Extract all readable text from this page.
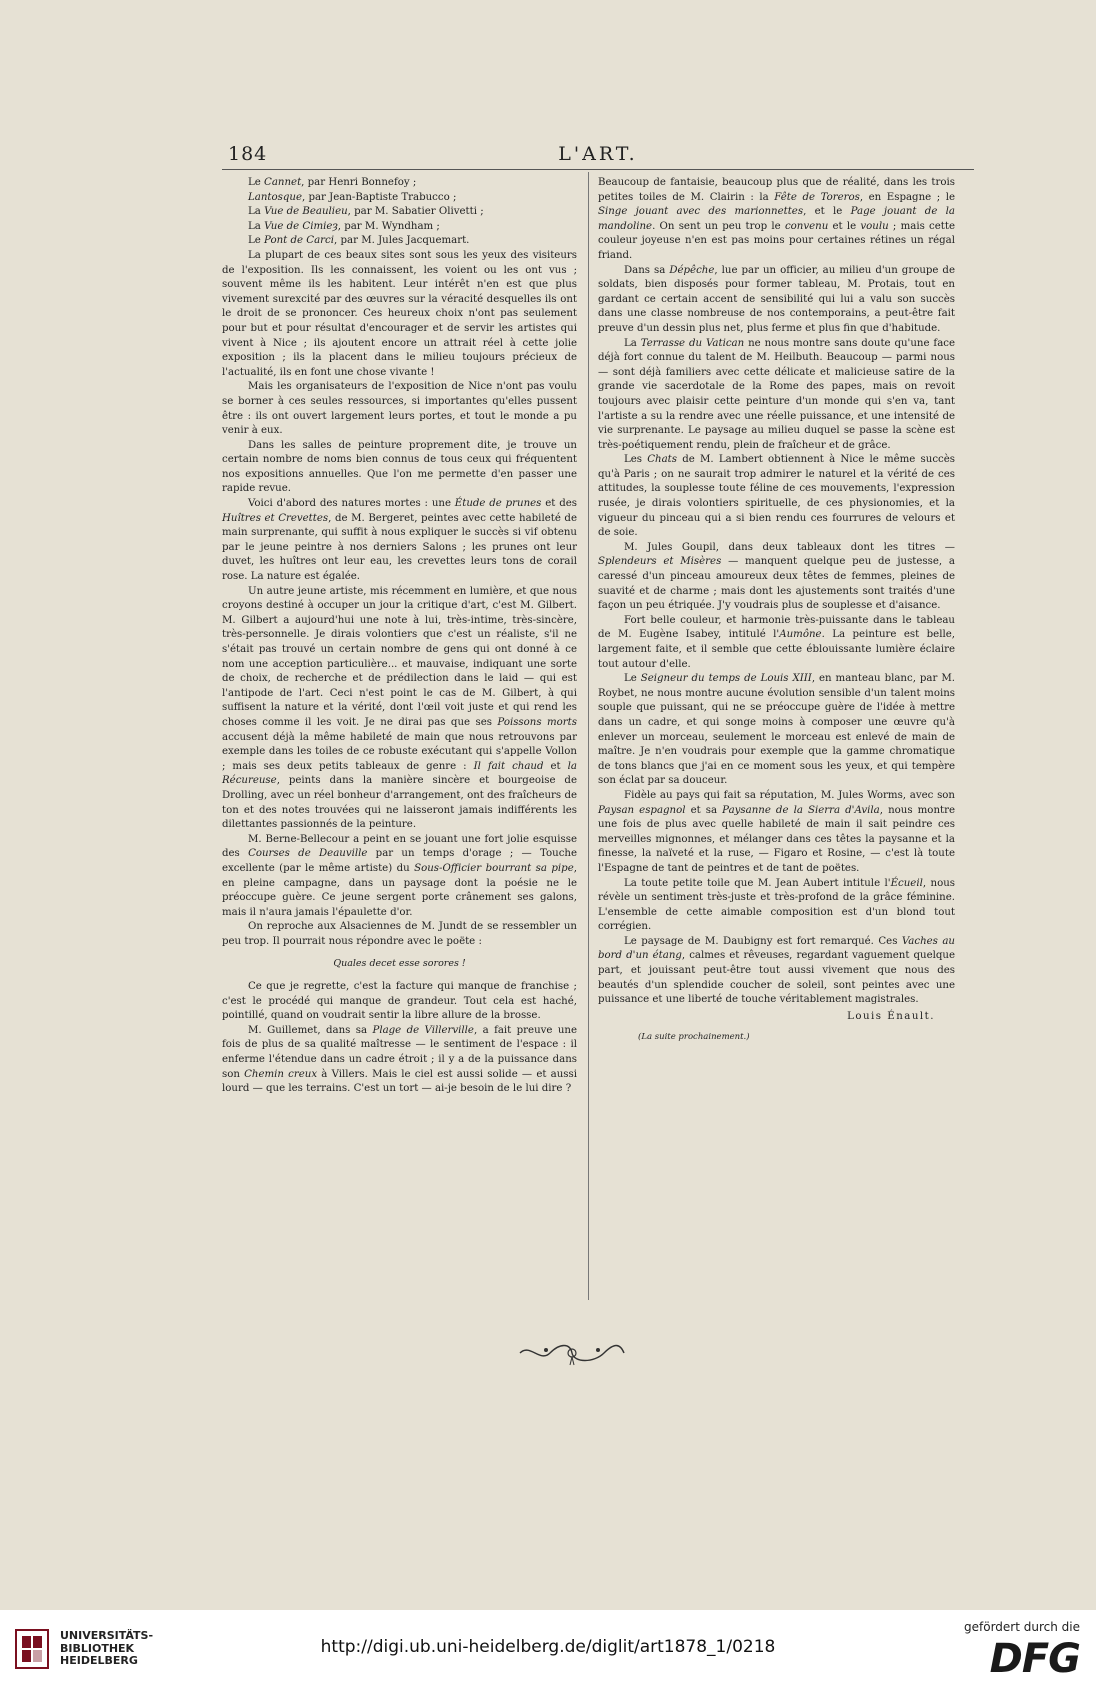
184	L'ART.

Le Cannet, par Henri Bonnefoy ;

Lantosque, par Jean-Baptiste Trabucco ;

La Vue de Beaulieu, par M. Sabatier Olivetti ;

La Vue de Cimieȝ, par M. Wyndham ;

Le Pont de Carci, par M. Jules Jacquemart.

La plupart de ces beaux sites sont sous les yeux des visiteurs de l'exposition. Ils les connaissent, les voient ou les ont vus ; souvent même ils les habitent. Leur intérêt n'en est que plus vivement surexcité par des œuvres sur la véracité desquelles ils ont le droit de se prononcer. Ces heureux choix n'ont pas seulement pour but et pour résultat d'encourager et de servir les artistes qui vivent à Nice ; ils ajoutent encore un attrait réel à cette jolie exposition ; ils la placent dans le milieu toujours précieux de l'actualité, ils en font une chose vivante !

Mais les organisateurs de l'exposition de Nice n'ont pas voulu se borner à ces seules ressources, si importantes qu'elles pussent être : ils ont ouvert largement leurs portes, et tout le monde a pu venir à eux.

Dans les salles de peinture proprement dite, je trouve un certain nombre de noms bien connus de tous ceux qui fréquentent nos expositions annuelles. Que l'on me permette d'en passer une rapide revue.

Voici d'abord des natures mortes : une Étude de prunes et des Huîtres et Crevettes, de M. Bergeret, peintes avec cette habileté de main surprenante, qui suffit à nous expliquer le succès si vif obtenu par le jeune peintre à nos derniers Salons ; les prunes ont leur duvet, les huîtres ont leur eau, les crevettes leurs tons de corail rose. La nature est égalée.

Un autre jeune artiste, mis récemment en lumière, et que nous croyons destiné à occuper un jour la critique d'art, c'est M. Gilbert. M. Gilbert a aujourd'hui une note à lui, très-intime, très-sincère, très-personnelle. Je dirais volontiers que c'est un réaliste, s'il ne s'était pas trouvé un certain nombre de gens qui ont donné à ce nom une acception particulière... et mauvaise, indiquant une sorte de choix, de recherche et de prédilection dans le laid — qui est l'antipode de l'art. Ceci n'est point le cas de M. Gilbert, à qui suffisent la nature et la vérité, dont l'œil voit juste et qui rend les choses comme il les voit. Je ne dirai pas que ses Poissons morts accusent déjà la même habileté de main que nous retrouvons par exemple dans les toiles de ce robuste exécutant qui s'appelle Vollon ; mais ses deux petits tableaux de genre : Il fait chaud et la Récureuse, peints dans la manière sincère et bourgeoise de Drolling, avec un réel bonheur d'arrangement, ont des fraîcheurs de ton et des notes trouvées qui ne laisseront jamais indifférents les dilettantes passionnés de la peinture.

M. Berne-Bellecour a peint en se jouant une fort jolie esquisse des Courses de Deauville par un temps d'orage ; — Touche excellente (par le même artiste) du Sous-Officier bourrant sa pipe, en pleine campagne, dans un paysage dont la poésie ne le préoccupe guère. Ce jeune sergent porte crânement ses galons, mais il n'aura jamais l'épaulette d'or.

On reproche aux Alsaciennes de M. Jundt de se ressembler un peu trop. Il pourrait nous répondre avec le poëte :

Quales decet esse sorores !

Ce que je regrette, c'est la facture qui manque de franchise ; c'est le procédé qui manque de grandeur. Tout cela est haché, pointillé, quand on voudrait sentir la libre allure de la brosse.

M. Guillemet, dans sa Plage de Villerville, a fait preuve une fois de plus de sa qualité maîtresse — le sentiment de l'espace : il enferme l'étendue dans un cadre étroit ; il y a de la puissance dans son Chemin creux à Villers. Mais le ciel est aussi solide — et aussi lourd — que les terrains. C'est un tort — ai-je besoin de le lui dire ?

Beaucoup de fantaisie, beaucoup plus que de réalité, dans les trois petites toiles de M. Clairin : la Fête de Toreros, en Espagne ; le Singe jouant avec des marionnettes, et le Page jouant de la mandoline. On sent un peu trop le convenu et le voulu ; mais cette couleur joyeuse n'en est pas moins pour certaines rétines un régal friand.

Dans sa Dépêche, lue par un officier, au milieu d'un groupe de soldats, bien disposés pour former tableau, M. Protais, tout en gardant ce certain accent de sensibilité qui lui a valu son succès dans une classe nombreuse de nos contemporains, a peut-être fait preuve d'un dessin plus net, plus ferme et plus fin que d'habitude.

La Terrasse du Vatican ne nous montre sans doute qu'une face déjà fort connue du talent de M. Heilbuth. Beaucoup — parmi nous — sont déjà familiers avec cette délicate et malicieuse satire de la grande vie sacerdotale de la Rome des papes, mais on revoit toujours avec plaisir cette peinture d'un monde qui s'en va, tant l'artiste a su la rendre avec une réelle puissance, et une intensité de vie surprenante. Le paysage au milieu duquel se passe la scène est très-poétiquement rendu, plein de fraîcheur et de grâce.

Les Chats de M. Lambert obtiennent à Nice le même succès qu'à Paris ; on ne saurait trop admirer le naturel et la vérité de ces attitudes, la souplesse toute féline de ces mouvements, l'expression rusée, je dirais volontiers spirituelle, de ces physionomies, et la vigueur du pinceau qui a si bien rendu ces fourrures de velours et de soie.

M. Jules Goupil, dans deux tableaux dont les titres — Splendeurs et Misères — manquent quelque peu de justesse, a caressé d'un pinceau amoureux deux têtes de femmes, pleines de suavité et de charme ; mais dont les ajustements sont traités d'une façon un peu étriquée. J'y voudrais plus de souplesse et d'aisance.

Fort belle couleur, et harmonie très-puissante dans le tableau de M. Eugène Isabey, intitulé l'Aumône. La peinture est belle, largement faite, et il semble que cette éblouissante lumière éclaire tout autour d'elle.

Le Seigneur du temps de Louis XIII, en manteau blanc, par M. Roybet, ne nous montre aucune évolution sensible d'un talent moins souple que puissant, qui ne se préoccupe guère de l'idée à mettre dans un cadre, et qui songe moins à composer une œuvre qu'à enlever un morceau, seulement le morceau est enlevé de main de maître. Je n'en voudrais pour exemple que la gamme chromatique de tons blancs que j'ai en ce moment sous les yeux, et qui tempère son éclat par sa douceur.

Fidèle au pays qui fait sa réputation, M. Jules Worms, avec son Paysan espagnol et sa Paysanne de la Sierra d'Avila, nous montre une fois de plus avec quelle habileté de main il sait peindre ces merveilles mignonnes, et mélanger dans ces têtes la paysanne et la finesse, la naïveté et la ruse, — Figaro et Rosine, — c'est là toute l'Espagne de tant de peintres et de tant de poëtes.

La toute petite toile que M. Jean Aubert intitule l'Écueil, nous révèle un sentiment très-juste et très-profond de la grâce féminine. L'ensemble de cette aimable composition est d'un blond tout corrégien.

Le paysage de M. Daubigny est fort remarqué. Ces Vaches au bord d'un étang, calmes et rêveuses, regardant vaguement quelque part, et jouissant peut-être tout aussi vivement que nous des beautés d'un splendide coucher de soleil, sont peintes avec une puissance et une liberté de touche véritablement magistrales.

Louis Énault.

(La suite prochainement.)

UNIVERSITÄTS-
BIBLIOTHEK
HEIDELBERG
http://digi.ub.uni-heidelberg.de/diglit/art1878_1/0218
gefördert durch die
DFG
